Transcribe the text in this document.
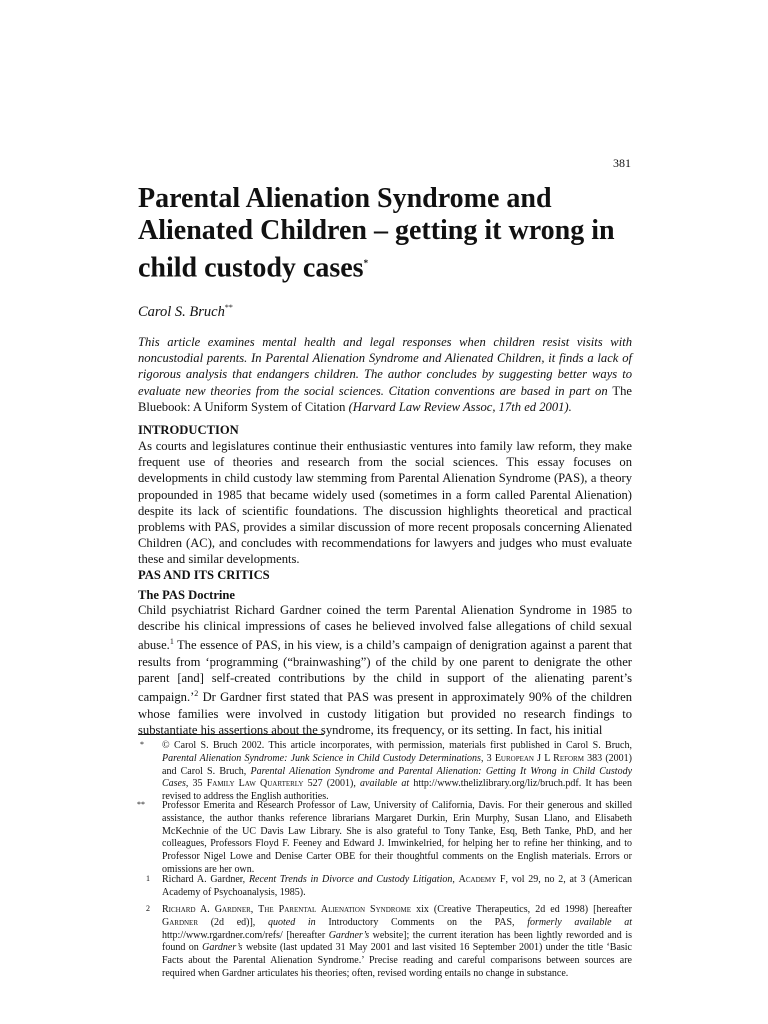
381
Parental Alienation Syndrome and Alienated Children – getting it wrong in child custody cases*
Carol S. Bruch**

This article examines mental health and legal responses when children resist visits with noncustodial parents. In Parental Alienation Syndrome and Alienated Children, it finds a lack of rigorous analysis that endangers children. The author concludes by suggesting better ways to evaluate new theories from the social sciences. Citation conventions are based in part on The Bluebook: A Uniform System of Citation (Harvard Law Review Assoc, 17th ed 2001).

INTRODUCTION

As courts and legislatures continue their enthusiastic ventures into family law reform, they make frequent use of theories and research from the social sciences. This essay focuses on developments in child custody law stemming from Parental Alienation Syndrome (PAS), a theory propounded in 1985 that became widely used (sometimes in a form called Parental Alienation) despite its lack of scientific foundations. The discussion highlights theoretical and practical problems with PAS, provides a similar discussion of more recent proposals concerning Alienated Children (AC), and concludes with recommendations for lawyers and judges who must evaluate these and similar developments.

PAS AND ITS CRITICS
The PAS Doctrine

Child psychiatrist Richard Gardner coined the term Parental Alienation Syndrome in 1985 to describe his clinical impressions of cases he believed involved false allegations of child sexual abuse.$^1$ The essence of PAS, in his view, is a child’s campaign of denigration against a parent that results from ‘programming (“brainwashing”) of the child by one parent to denigrate the other parent [and] self-created contributions by the child in support of the alienating parent’s campaign.’$^2$ Dr Gardner first stated that PAS was present in approximately 90% of the children whose families were involved in custody litigation but provided no research findings to substantiate his assertions about the syndrome, its frequency, or its setting. In fact, his initial

* © Carol S. Bruch 2002. This article incorporates, with permission, materials first published in Carol S. Bruch, Parental Alienation Syndrome: Junk Science in Child Custody Determinations, 3 European J L Reform 383 (2001) and Carol S. Bruch, Parental Alienation Syndrome and Parental Alienation: Getting It Wrong in Child Custody Cases, 35 Family Law Quarterly 527 (2001), available at http://www.thelizlibrary.org/liz/bruch.pdf. It has been revised to address the English authorities.

** Professor Emerita and Research Professor of Law, University of California, Davis. For their generous and skilled assistance, the author thanks reference librarians Margaret Durkin, Erin Murphy, Susan Llano, and Elisabeth McKechnie of the UC Davis Law Library. She is also grateful to Tony Tanke, Esq, Beth Tanke, PhD, and her colleagues, Professors Floyd F. Feeney and Edward J. Imwinkelried, for helping her to refine her thinking, and to Professor Nigel Lowe and Denise Carter OBE for their thoughtful comments on the English materials. Errors or omissions are her own.

1 Richard A. Gardner, Recent Trends in Divorce and Custody Litigation, Academy F, vol 29, no 2, at 3 (American Academy of Psychoanalysis, 1985).

2 Richard A. Gardner, The Parental Alienation Syndrome xix (Creative Therapeutics, 2d ed 1998) [hereafter Gardner (2d ed)], quoted in Introductory Comments on the PAS, formerly available at http://www.rgardner.com/refs/ [hereafter Gardner’s website]; the current iteration has been lightly reworded and is found on Gardner’s website (last updated 31 May 2001 and last visited 16 September 2001) under the title ‘Basic Facts about the Parental Alienation Syndrome.’ Precise reading and careful comparisons between sources are required when Gardner articulates his theories; often, revised wording entails no change in substance.
